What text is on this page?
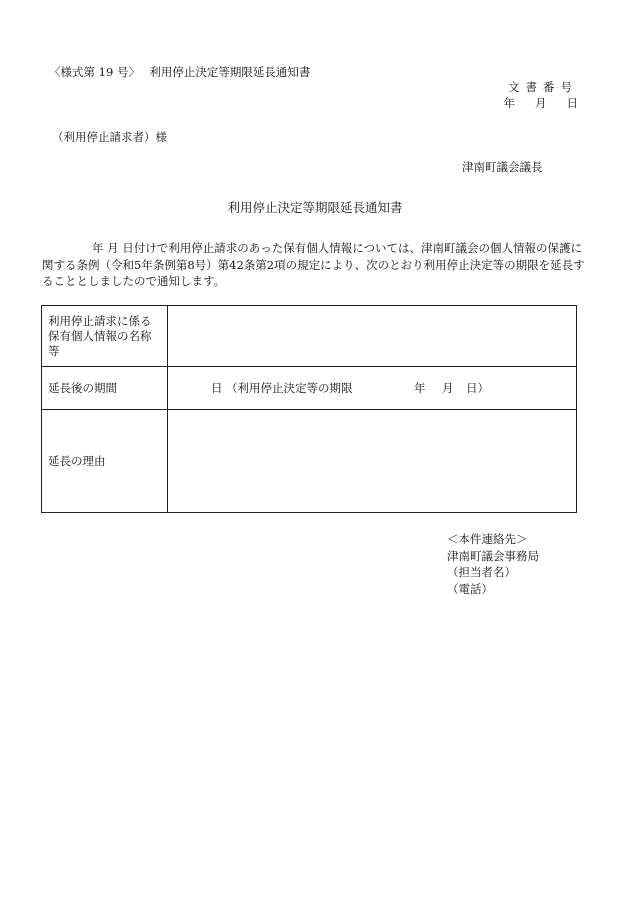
〈様式第 19 号〉　 利用停止決定等期限延長通知書
文書番号
年 月 日
（利用停止請求者）様
津南町議会議長
利用停止決定等期限延長通知書
年 月 日付けで利用停止請求のあった保有個人情報については、津南町議会の個人情報の保護に関する条例（令和5年条例第8号）第42条第2項の規定により、次のとおり利用停止決定等の期限を延長することとしましたので通知します。
利用停止請求に係る保有個人情報の名称等	
延長後の期間	日 （利用停止決定等の期限 年 月 日）

延長の理由	
＜本件連絡先＞
津南町議会事務局
（担当者名）
（電話）
